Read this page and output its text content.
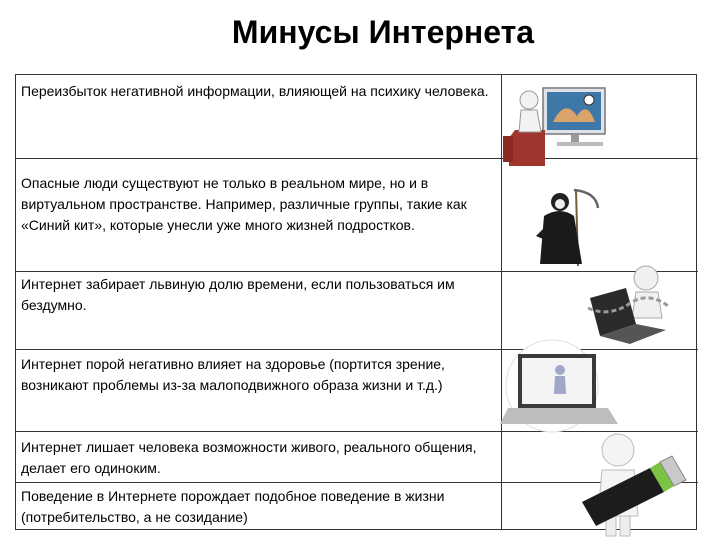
Минусы Интернета
Переизбыток негативной информации, влияющей на психику человека.
Опасные люди существуют не только в реальном мире, но и в виртуальном пространстве. Например, различные группы, такие как «Синий кит», которые унесли уже много жизней подростков.
Интернет забирает львиную долю времени, если пользоваться им бездумно.
Интернет порой негативно влияет на здоровье (портится зрение, возникают проблемы из-за малоподвижного образа жизни и т.д.)
Интернет лишает человека возможности живого, реального общения, делает его одиноким.
Поведение в Интернете порождает подобное поведение в жизни (потребительство, а не созидание)
